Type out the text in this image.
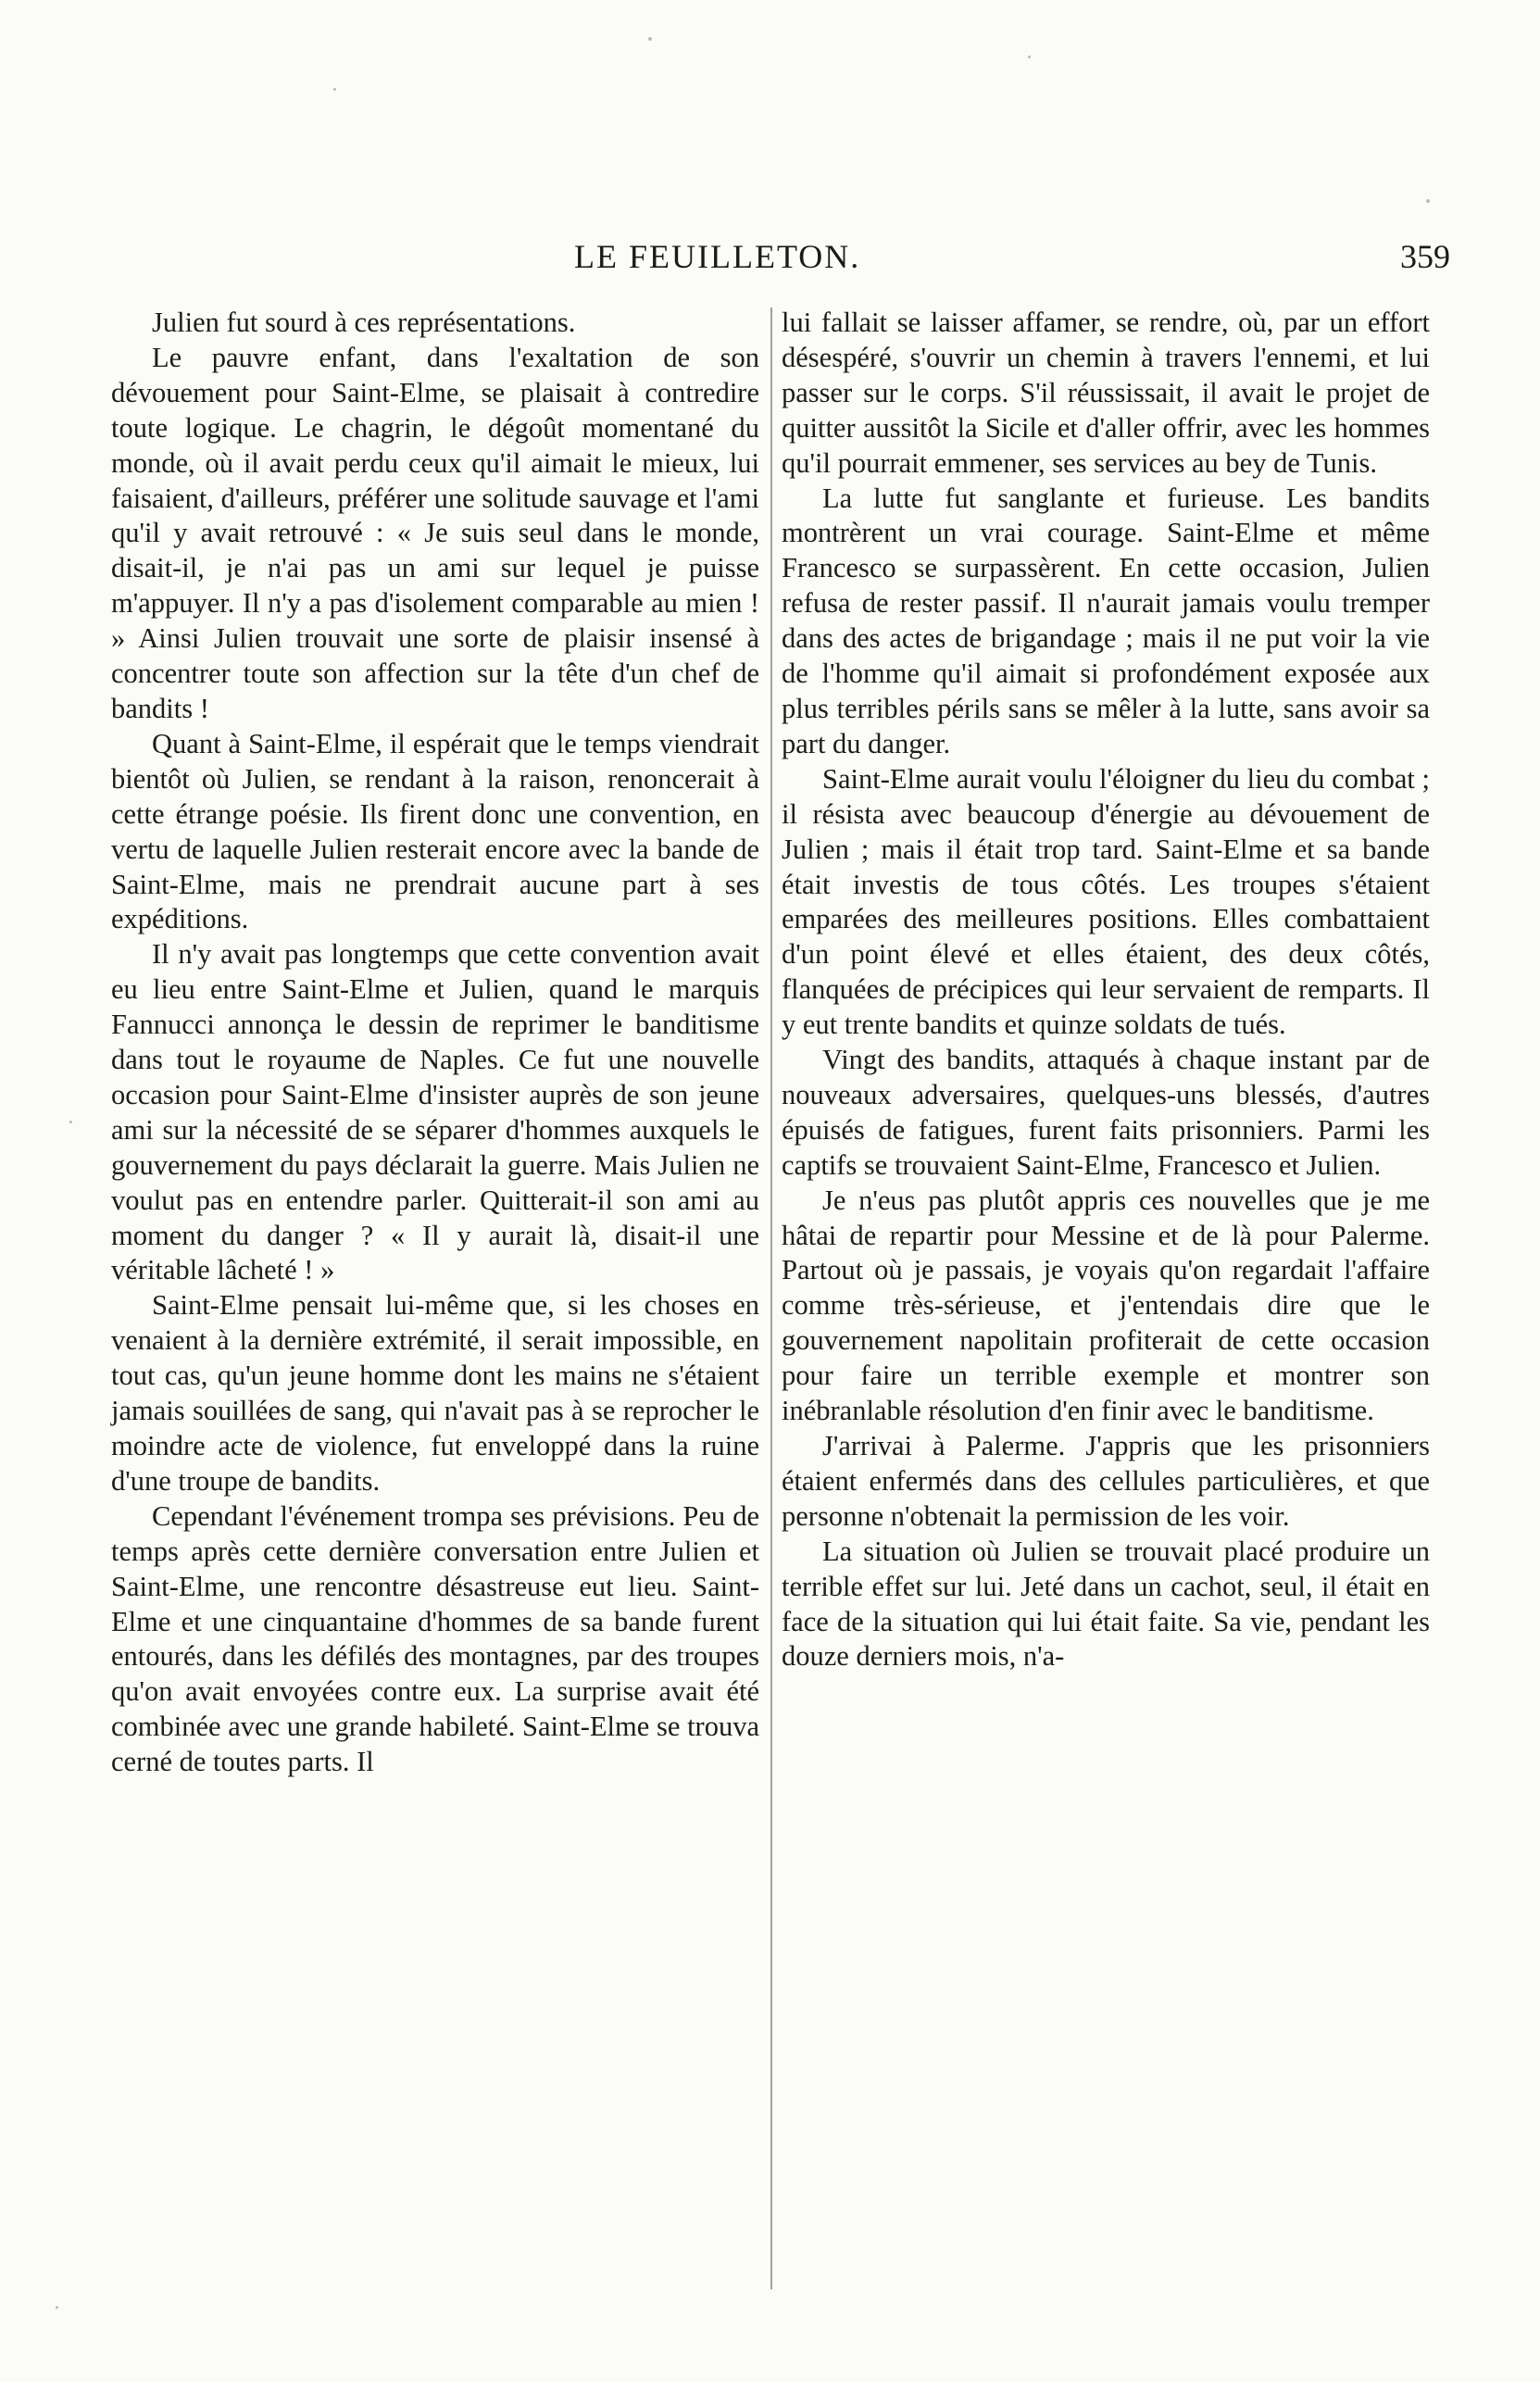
LE FEUILLETON.	359

Julien fut sourd à ces représentations.

Le pauvre enfant, dans l'exaltation de son dévouement pour Saint-Elme, se plaisait à contredire toute logique. Le chagrin, le dégoût momentané du monde, où il avait perdu ceux qu'il aimait le mieux, lui faisaient, d'ailleurs, préférer une solitude sauvage et l'ami qu'il y avait retrouvé : « Je suis seul dans le monde, disait-il, je n'ai pas un ami sur lequel je puisse m'appuyer. Il n'y a pas d'isolement comparable au mien ! » Ainsi Julien trouvait une sorte de plaisir insensé à concentrer toute son affection sur la tête d'un chef de bandits !

Quant à Saint-Elme, il espérait que le temps viendrait bientôt où Julien, se rendant à la raison, renoncerait à cette étrange poésie. Ils firent donc une convention, en vertu de laquelle Julien resterait encore avec la bande de Saint-Elme, mais ne prendrait aucune part à ses expéditions.

Il n'y avait pas longtemps que cette convention avait eu lieu entre Saint-Elme et Julien, quand le marquis Fannucci annonça le dessin de reprimer le banditisme dans tout le royaume de Naples. Ce fut une nouvelle occasion pour Saint-Elme d'insister auprès de son jeune ami sur la nécessité de se séparer d'hommes auxquels le gouvernement du pays déclarait la guerre. Mais Julien ne voulut pas en entendre parler. Quitterait-il son ami au moment du danger ? « Il y aurait là, disait-il une véritable lâcheté ! »

Saint-Elme pensait lui-même que, si les choses en venaient à la dernière extrémité, il serait impossible, en tout cas, qu'un jeune homme dont les mains ne s'étaient jamais souillées de sang, qui n'avait pas à se reprocher le moindre acte de violence, fut enveloppé dans la ruine d'une troupe de bandits.

Cependant l'événement trompa ses prévisions. Peu de temps après cette dernière conversation entre Julien et Saint-Elme, une rencontre désastreuse eut lieu. Saint-Elme et une cinquantaine d'hommes de sa bande furent entourés, dans les défilés des montagnes, par des troupes qu'on avait envoyées contre eux. La surprise avait été combinée avec une grande habileté. Saint-Elme se trouva cerné de toutes parts. Il

lui fallait se laisser affamer, se rendre, où, par un effort désespéré, s'ouvrir un chemin à travers l'ennemi, et lui passer sur le corps. S'il réussissait, il avait le projet de quitter aussitôt la Sicile et d'aller offrir, avec les hommes qu'il pourrait emmener, ses services au bey de Tunis.

La lutte fut sanglante et furieuse. Les bandits montrèrent un vrai courage. Saint-Elme et même Francesco se surpassèrent. En cette occasion, Julien refusa de rester passif. Il n'aurait jamais voulu tremper dans des actes de brigandage ; mais il ne put voir la vie de l'homme qu'il aimait si profondément exposée aux plus terribles périls sans se mêler à la lutte, sans avoir sa part du danger.

Saint-Elme aurait voulu l'éloigner du lieu du combat ; il résista avec beaucoup d'énergie au dévouement de Julien ; mais il était trop tard. Saint-Elme et sa bande était investis de tous côtés. Les troupes s'étaient emparées des meilleures positions. Elles combattaient d'un point élevé et elles étaient, des deux côtés, flanquées de précipices qui leur servaient de remparts. Il y eut trente bandits et quinze soldats de tués.

Vingt des bandits, attaqués à chaque instant par de nouveaux adversaires, quelques-uns blessés, d'autres épuisés de fatigues, furent faits prisonniers. Parmi les captifs se trouvaient Saint-Elme, Francesco et Julien.

Je n'eus pas plutôt appris ces nouvelles que je me hâtai de repartir pour Messine et de là pour Palerme. Partout où je passais, je voyais qu'on regardait l'affaire comme très-sérieuse, et j'entendais dire que le gouvernement napolitain profiterait de cette occasion pour faire un terrible exemple et montrer son inébranlable résolution d'en finir avec le banditisme.

J'arrivai à Palerme. J'appris que les prisonniers étaient enfermés dans des cellules particulières, et que personne n'obtenait la permission de les voir.

La situation où Julien se trouvait placé produire un terrible effet sur lui. Jeté dans un cachot, seul, il était en face de la situation qui lui était faite. Sa vie, pendant les douze derniers mois, n'a-
